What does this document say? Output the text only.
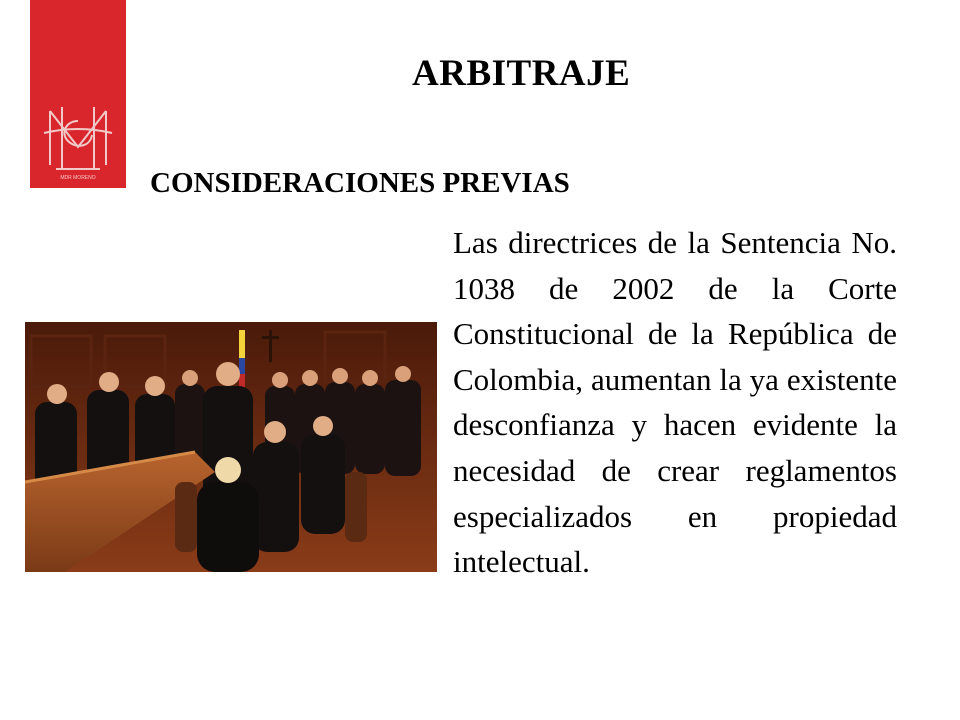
MDR MORENO
ARBITRAJE
CONSIDERACIONES PREVIAS

Las directrices de la Sentencia No. 1038 de 2002 de la Corte Constitucional de la República de Colombia, aumentan la ya existente desconfianza y hacen evidente la necesidad de crear reglamentos especializados en propiedad intelectual.
